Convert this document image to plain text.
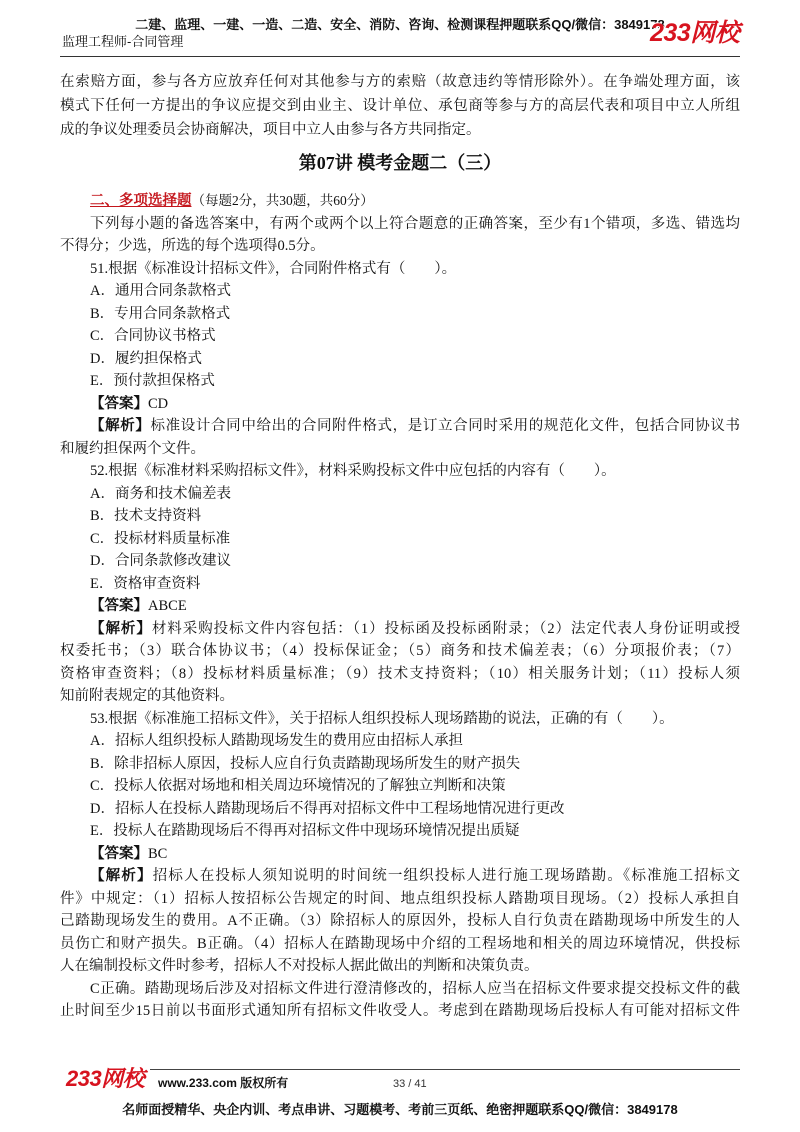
二建、监理、一建、一造、二造、安全、消防、咨询、检测课程押题联系QQ/微信：3849178
监理工程师-合同管理	233网校
在索赔方面，参与各方应放弃任何对其他参与方的索赔（故意违约等情形除外）。在争端处理方面，该
模式下任何一方提出的争议应提交到由业主、设计单位、承包商等参与方的高层代表和项目中立人所组
成的争议处理委员会协商解决，项目中立人由参与各方共同指定。
第07讲 模考金题二（三）
二、多项选择题（每题2分，共30题，共60分）
下列每小题的备选答案中，有两个或两个以上符合题意的正确答案，至少有1个错项，多选、错选均
不得分；少选，所选的每个选项得0.5分。
51.根据《标准设计招标文件》，合同附件格式有（　　）。
A．通用合同条款格式
B．专用合同条款格式
C．合同协议书格式
D．履约担保格式
E．预付款担保格式
【答案】CD
【解析】标准设计合同中给出的合同附件格式，是订立合同时采用的规范化文件，包括合同协议书
和履约担保两个文件。
52.根据《标准材料采购招标文件》，材料采购投标文件中应包括的内容有（　　）。
A．商务和技术偏差表
B．技术支持资料
C．投标材料质量标准
D．合同条款修改建议
E．资格审查资料
【答案】ABCE
【解析】材料采购投标文件内容包括：（1）投标函及投标函附录；（2）法定代表人身份证明或授
权委托书；（3）联合体协议书；（4）投标保证金；（5）商务和技术偏差表；（6）分项报价表；（7）
资格审查资料；（8）投标材料质量标准；（9）技术支持资料；（10）相关服务计划；（11）投标人须
知前附表规定的其他资料。
53.根据《标准施工招标文件》，关于招标人组织投标人现场踏勘的说法，正确的有（　　）。
A．招标人组织投标人踏勘现场发生的费用应由招标人承担
B．除非招标人原因，投标人应自行负责踏勘现场所发生的财产损失
C．投标人依据对场地和相关周边环境情况的了解独立判断和决策
D．招标人在投标人踏勘现场后不得再对招标文件中工程场地情况进行更改
E．投标人在踏勘现场后不得再对招标文件中现场环境情况提出质疑
【答案】BC
【解析】招标人在投标人须知说明的时间统一组织投标人进行施工现场踏勘。《标准施工招标文
件》中规定：（1）招标人按招标公告规定的时间、地点组织投标人踏勘项目现场。（2）投标人承担自
己踏勘现场发生的费用。A不正确。（3）除招标人的原因外，投标人自行负责在踏勘现场中所发生的人
员伤亡和财产损失。B正确。（4）招标人在踏勘现场中介绍的工程场地和相关的周边环境情况，供投标
人在编制投标文件时参考，招标人不对投标人据此做出的判断和决策负责。
C正确。踏勘现场后涉及对招标文件进行澄清修改的，招标人应当在招标文件要求提交投标文件的截
止时间至少15日前以书面形式通知所有招标文件收受人。考虑到在踏勘现场后投标人有可能对招标文件
233网校 www.233.com 版权所有	33 / 41
名师面授精华、央企内训、考点串讲、习题模考、考前三页纸、绝密押题联系QQ/微信：3849178
